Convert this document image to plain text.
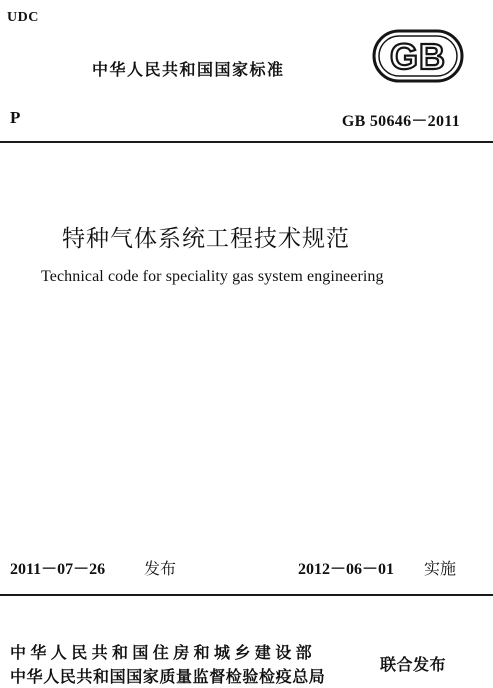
UDC
中华人民共和国国家标准	GB
P	GB 50646－2011
特种气体系统工程技术规范
Technical code for speciality gas system engineering
2011－07－26 发布	2012－06－01 实施
中华人民共和国住房和城乡建设部
中华人民共和国国家质量监督检验检疫总局
联合发布
